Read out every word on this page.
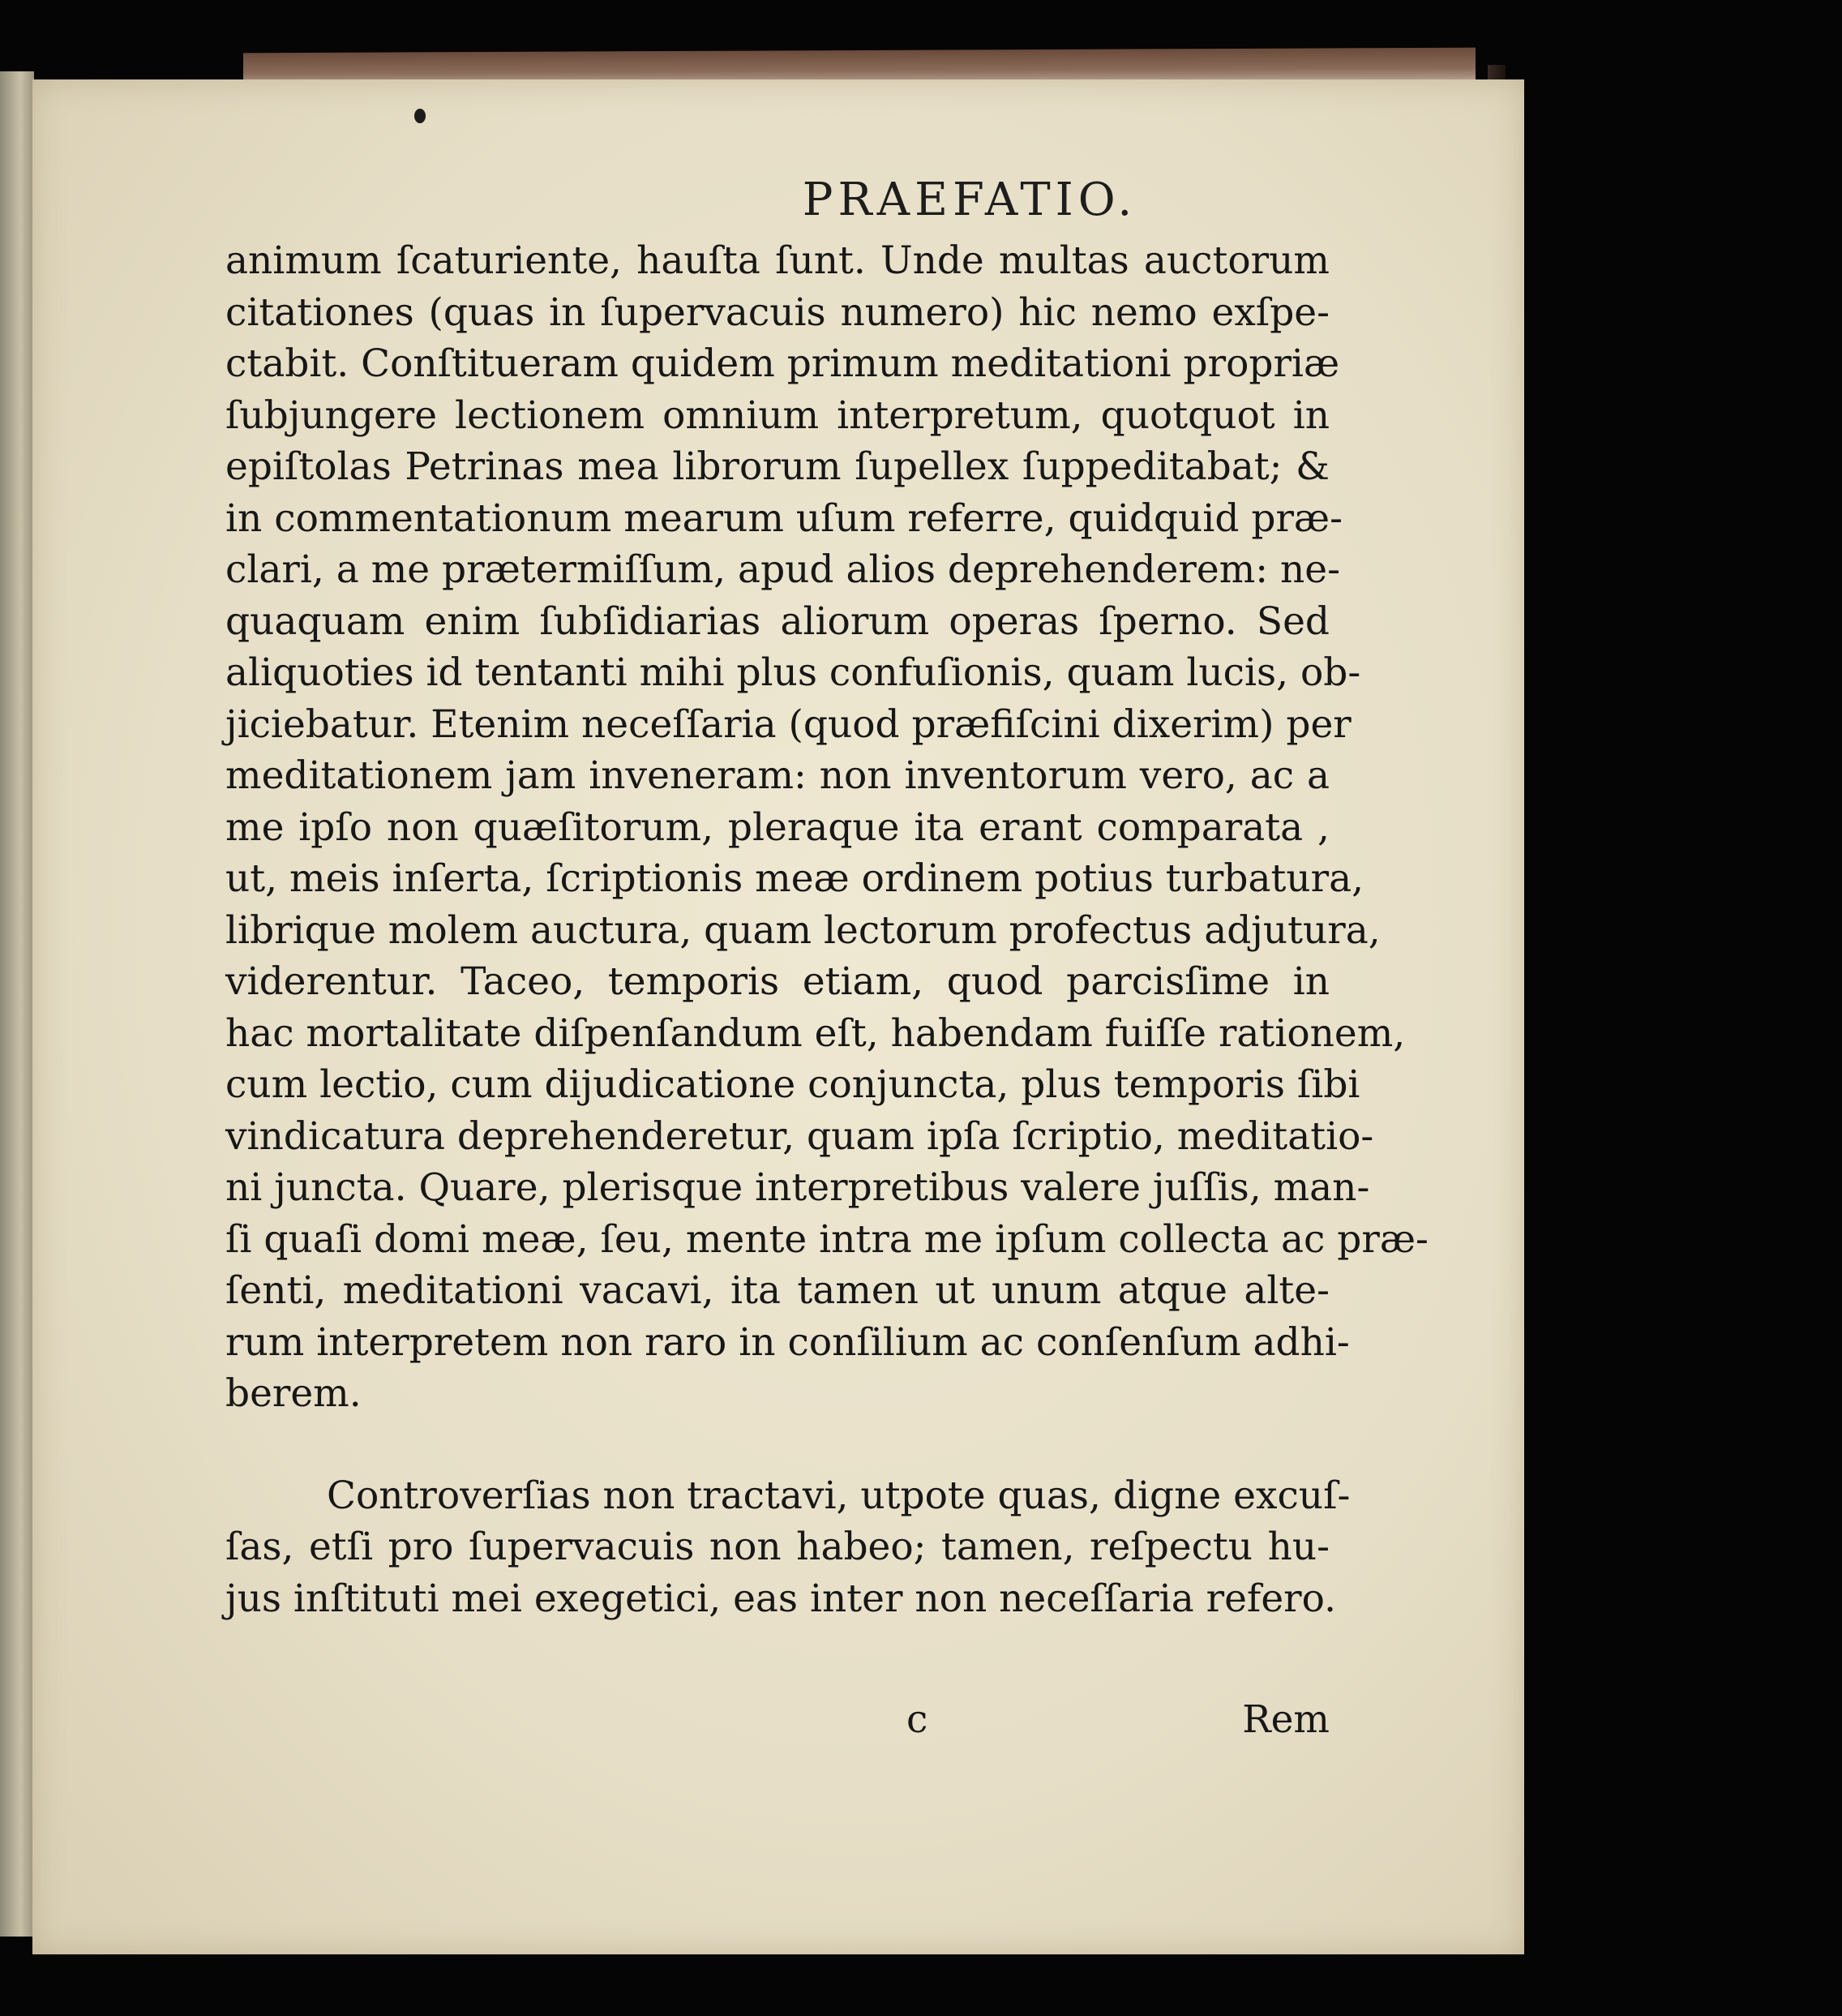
PRAEFATIO.
animum ſcaturiente, hauſta ſunt. Unde multas auctorum
citationes (quas in ſupervacuis numero) hic nemo exſpe-
ctabit. Conſtitueram quidem primum meditationi propriæ
ſubjungere lectionem omnium interpretum, quotquot in
epiſtolas Petrinas mea librorum ſupellex ſuppeditabat; &
in commentationum mearum uſum referre, quidquid præ-
clari, a me prætermiſſum, apud alios deprehenderem: ne-
quaquam enim ſubſidiarias aliorum operas ſperno. Sed
aliquoties id tentanti mihi plus confuſionis, quam lucis, ob-
jiciebatur. Etenim neceſſaria (quod præfiſcini dixerim) per
meditationem jam inveneram: non inventorum vero, ac a
me ipſo non quæſitorum, pleraque ita erant comparata ,
ut, meis inſerta, ſcriptionis meæ ordinem potius turbatura,
librique molem auctura, quam lectorum profectus adjutura,
viderentur. Taceo, temporis etiam, quod parcisſime in
hac mortalitate diſpenſandum eſt, habendam fuiſſe rationem,
cum lectio, cum dijudicatione conjuncta, plus temporis ſibi
vindicatura deprehenderetur, quam ipſa ſcriptio, meditatio-
ni juncta. Quare, plerisque interpretibus valere juſſis, man-
ſi quaſi domi meæ, ſeu, mente intra me ipſum collecta ac præ-
ſenti, meditationi vacavi, ita tamen ut unum atque alte-
rum interpretem non raro in conſilium ac conſenſum adhi-
berem.
Controverſias non tractavi, utpote quas, digne excuſ-
ſas, etſi pro ſupervacuis non habeo; tamen, reſpectu hu-
jus inſtituti mei exegetici, eas inter non neceſſaria refero.
c	Rem
